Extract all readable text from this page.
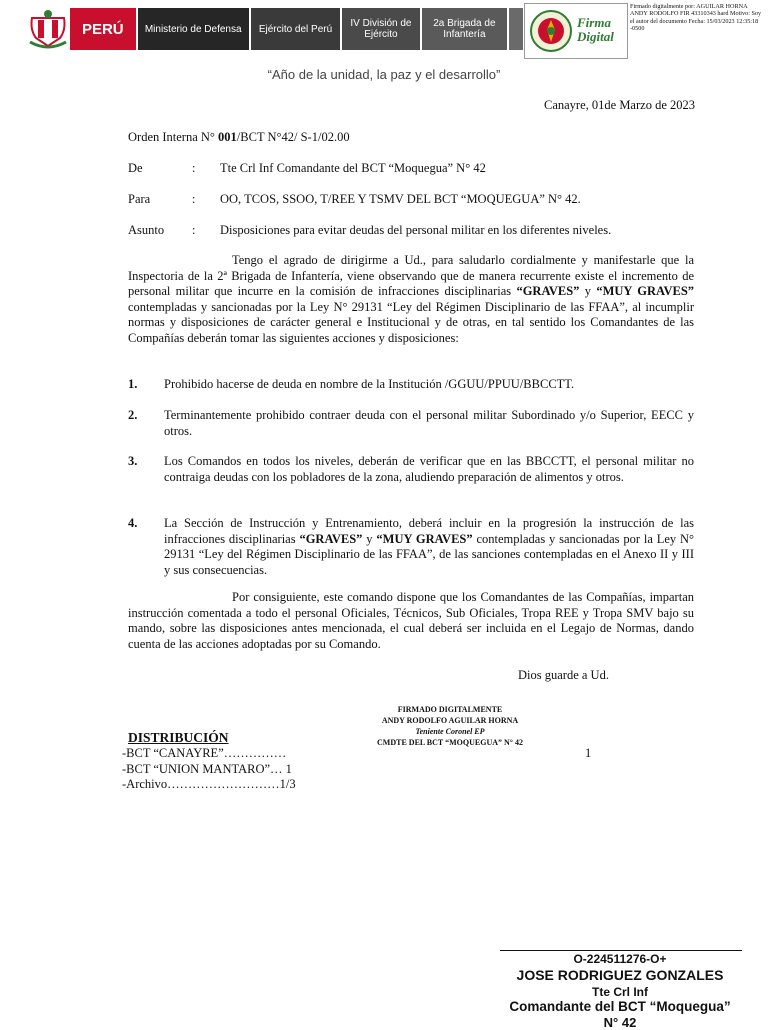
PERÚ	Ministerio de Defensa	Ejército del Perú	IV División de Ejército
2a Brigada de Infantería
Firma Digital
Firmado digitalmente por: AGUILAR HORNA ANDY RODOLFO FIR 43310343 hard Motivo: Soy el autor del documento Fecha: 15/03/2023 12:35:18 -0500
“Año de la unidad, la paz y el desarrollo”
Canayre, 01de Marzo de 2023
Orden Interna N° 001/BCT N°42/ S-1/02.00
De	: Tte Crl Inf Comandante del BCT “Moquegua” N° 42
Para	: OO, TCOS, SSOO, T/REE Y TSMV DEL BCT “MOQUEGUA” N° 42.
Asunto : Disposiciones para evitar deudas del personal militar en los diferentes niveles.
Tengo el agrado de dirigirme a Ud., para saludarlo cordialmente y manifestarle que la Inspectoria de la 2ª Brigada de Infantería, viene observando que de manera recurrente existe el incremento de personal militar que incurre en la comisión de infracciones disciplinarias “GRAVES” y “MUY GRAVES” contempladas y sancionadas por la Ley N° 29131 “Ley del Régimen Disciplinario de las FFAA”, al incumplir normas y disposiciones de carácter general e Institucional y de otras, en tal sentido los Comandantes de las Compañías deberán tomar las siguientes acciones y disposiciones:
1. Prohibido hacerse de deuda en nombre de la Institución /GGUU/PPUU/BBCCTT.
2. Terminantemente prohibido contraer deuda con el personal militar Subordinado y/o Superior, EECC y otros.
3. Los Comandos en todos los niveles, deberán de verificar que en las BBCCTT, el personal militar no contraiga deudas con los pobladores de la zona, aludiendo preparación de alimentos y otros.
4. La Sección de Instrucción y Entrenamiento, deberá incluir en la progresión la instrucción de las infracciones disciplinarias “GRAVES” y “MUY GRAVES” contempladas y sancionadas por la Ley N° 29131 “Ley del Régimen Disciplinario de las FFAA”, de las sanciones contempladas en el Anexo II y III y sus consecuencias.
Por consiguiente, este comando dispone que los Comandantes de las Compañías, impartan instrucción comentada a todo el personal Oficiales, Técnicos, Sub Oficiales, Tropa REE y Tropa SMV bajo su mando, sobre las disposiciones antes mencionada, el cual deberá ser incluida en el Legajo de Normas, dando cuenta de las acciones adoptadas por su Comando.
Dios guarde a Ud.
FIRMADO DIGITALMENTE
ANDY RODOLFO AGUILAR HORNA
Teniente Coronel EP
CMDTE DEL BCT “MOQUEGUA” N° 42
DISTRIBUCIÓN
-BCT “CANAYRE”……………	1
-BCT “UNION MANTARO”… 1
-Archivo………………………1/3
O-224511276-O+
JOSE RODRIGUEZ GONZALES
Tte Crl Inf
Comandante del BCT “Moquegua”
N° 42
